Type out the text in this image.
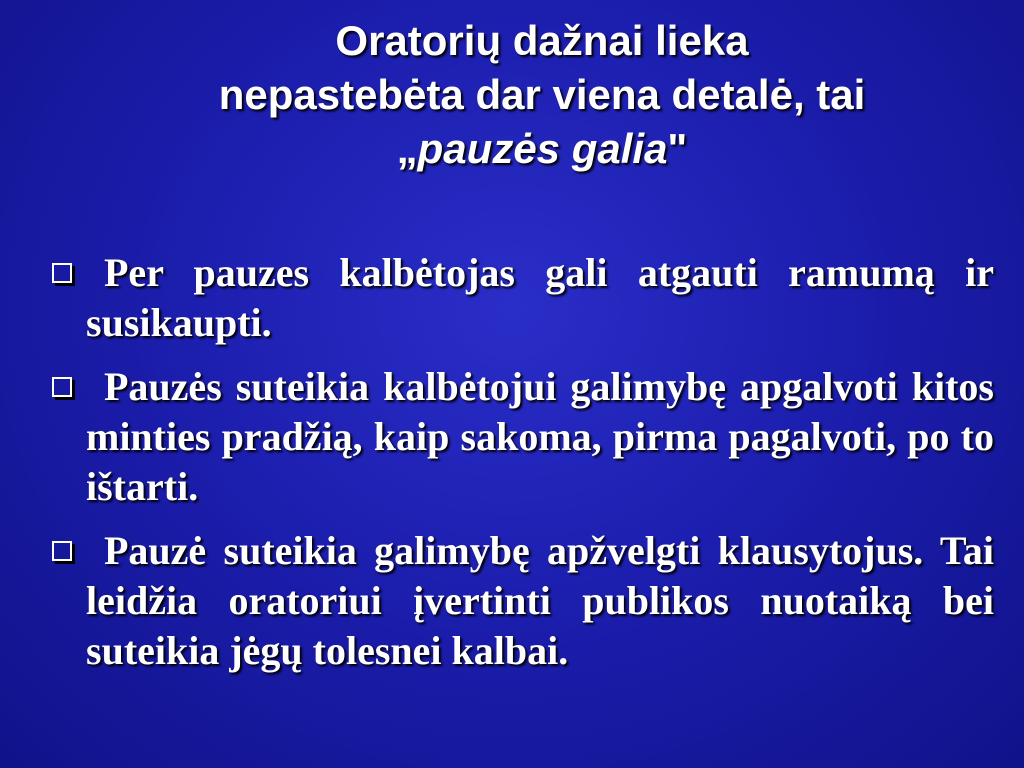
Oratorių dažnai lieka
nepastebėta dar viena detalė, tai
„pauzės galia"
Per pauzes kalbėtojas gali atgauti ramumą ir susikaupti.
Pauzės suteikia kalbėtojui galimybę apgalvoti kitos minties pradžią, kaip sakoma, pirma pagalvoti, po to ištarti.
Pauzė suteikia galimybę apžvelgti klausytojus. Tai leidžia oratoriui įvertinti publikos nuotaiką bei suteikia jėgų tolesnei kalbai.
